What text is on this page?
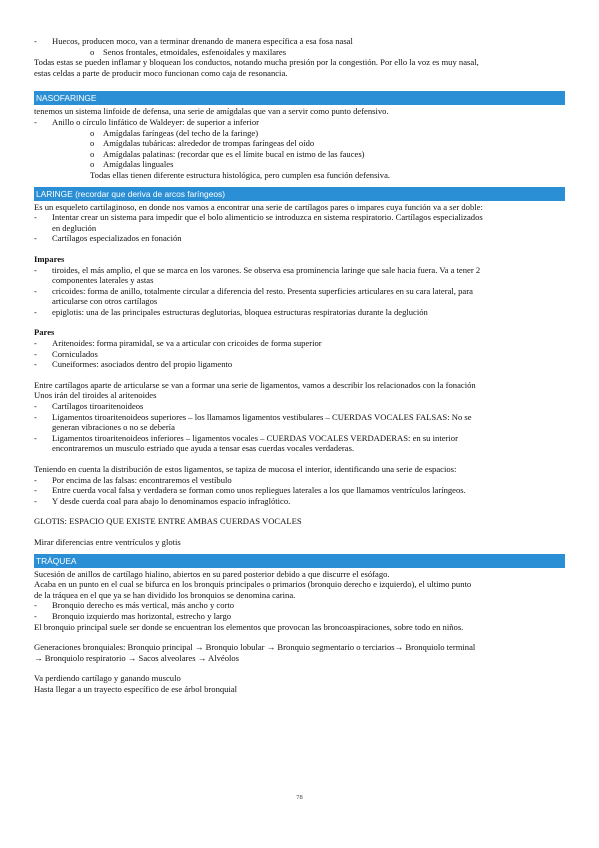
-	Huecos, producen moco, van a terminar drenando de manera específica a esa fosa nasal
o	Senos frontales, etmoidales, esfenoidales y maxilares
Todas estas se pueden inflamar y bloquean los conductos, notando mucha presión por la congestión. Por ello la voz es muy nasal,
estas celdas a parte de producir moco funcionan como caja de resonancia.
NASOFARINGE
tenemos un sistema linfoide de defensa, una serie de amígdalas que van a servir como punto defensivo.
-	Anillo o círculo linfático de Waldeyer: de superior a inferior
o	Amígdalas faríngeas (del techo de la faringe)
o	Amígdalas tubáricas: alrededor de trompas faríngeas del oído
o	Amígdalas palatinas: (recordar que es el límite bucal en istmo de las fauces)
o	Amígdalas linguales
Todas ellas tienen diferente estructura histológica, pero cumplen esa función defensiva.
LARINGE (recordar que deriva de arcos faríngeos)
Es un esqueleto cartilaginoso, en donde nos vamos a encontrar una serie de cartílagos pares o impares cuya función va a ser doble:
-	Intentar crear un sistema para impedir que el bolo alimenticio se introduzca en sistema respiratorio. Cartílagos especializados
en deglución
-	Cartílagos especializados en fonación
Impares
-	tiroides, el más amplio, el que se marca en los varones. Se observa esa prominencia laringe que sale hacia fuera. Va a tener 2
componentes laterales y astas
-	cricoides: forma de anillo, totalmente circular a diferencia del resto. Presenta superficies articulares en su cara lateral, para
articularse con otros cartílagos
-	epiglotis: una de las principales estructuras deglutorias, bloquea estructuras respiratorias durante la deglución
Pares
-	Aritenoides: forma piramidal, se va a articular con cricoides de forma superior
-	Corniculados
-	Cuneiformes: asociados dentro del propio ligamento
Entre cartílagos aparte de articularse se van a formar una serie de ligamentos, vamos a describir los relacionados con la fonación
Unos irán del tiroides al aritenoides
-	Cartílagos tiroaritenoideos
-	Ligamentos tiroaritenoideos superiores – los llamamos ligamentos vestibulares – CUERDAS VOCALES FALSAS: No se
generan vibraciones o no se debería
-	Ligamentos tiroaritenoideos inferiores – ligamentos vocales – CUERDAS VOCALES VERDADERAS: en su interior
encontraremos un musculo estriado que ayuda a tensar esas cuerdas vocales verdaderas.
Teniendo en cuenta la distribución de estos ligamentos, se tapiza de mucosa el interior, identificando una serie de espacios:
-	Por encima de las falsas: encontraremos el vestíbulo
-	Entre cuerda vocal falsa y verdadera se forman como unos repliegues laterales a los que llamamos ventrículos laríngeos.
-	Y desde cuerda coal para abajo lo denominamos espacio infraglótico.
GLOTIS: ESPACIO QUE EXISTE ENTRE AMBAS CUERDAS VOCALES
Mirar diferencias entre ventrículos y glotis
TRÁQUEA
Sucesión de anillos de cartílago hialino, abiertos en su pared posterior debido a que discurre el esófago.
Acaba en un punto en el cual se bifurca en los bronquis principales o primarios (bronquio derecho e izquierdo), el ultimo punto
de la tráquea en el que ya se han dividido los bronquios se denomina carina.
-	Bronquio derecho es más vertical, más ancho y corto
-	Bronquio izquierdo mas horizontal, estrecho y largo
El bronquio principal suele ser donde se encuentran los elementos que provocan las broncoaspiraciones, sobre todo en niños.
Generaciones bronquiales: Bronquio principal → Bronquio lobular → Bronquio segmentario o terciarios→ Bronquiolo terminal
→ Bronquiolo respiratorio → Sacos alveolares → Alvéolos
Va perdiendo cartílago y ganando musculo
Hasta llegar a un trayecto específico de ese árbol bronquial
78
